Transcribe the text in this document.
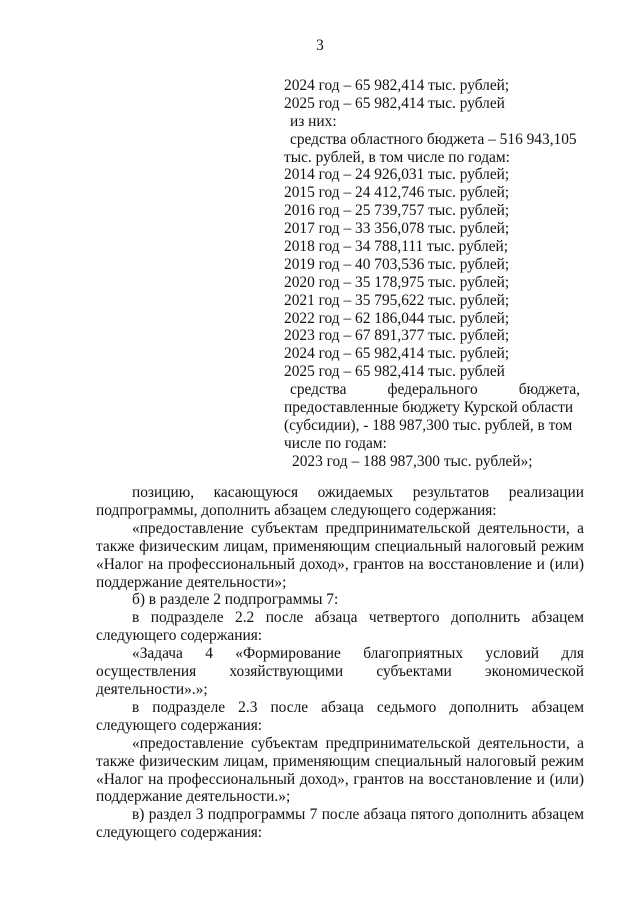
3
2024 год – 65 982,414 тыс. рублей;
2025 год – 65 982,414 тыс. рублей
из них:
средства областного бюджета – 516 943,105
тыс. рублей, в том числе по годам:
2014 год – 24 926,031 тыс. рублей;
2015 год – 24 412,746 тыс. рублей;
2016 год – 25 739,757 тыс. рублей;
2017 год – 33 356,078 тыс. рублей;
2018 год – 34 788,111 тыс. рублей;
2019 год – 40 703,536 тыс. рублей;
2020 год – 35 178,975 тыс. рублей;
2021 год – 35 795,622 тыс. рублей;
2022 год – 62 186,044 тыс. рублей;
2023 год – 67 891,377 тыс. рублей;
2024 год – 65 982,414 тыс. рублей;
2025 год – 65 982,414 тыс. рублей
средства федерального бюджета,
предоставленные бюджету Курской области
(субсидии), - 188 987,300 тыс. рублей, в том
числе по годам:
2023 год – 188 987,300 тыс. рублей»;

позицию, касающуюся ожидаемых результатов реализации подпрограммы, дополнить абзацем следующего содержания:

«предоставление субъектам предпринимательской деятельности, а также физическим лицам, применяющим специальный налоговый режим «Налог на профессиональный доход», грантов на восстановление и (или) поддержание деятельности»;

б) в разделе 2 подпрограммы 7:

в подразделе 2.2 после абзаца четвертого дополнить абзацем следующего содержания:

«Задача 4 «Формирование благоприятных условий для осуществления хозяйствующими субъектами экономической деятельности».»;

в подразделе 2.3 после абзаца седьмого дополнить абзацем следующего содержания:

«предоставление субъектам предпринимательской деятельности, а также физическим лицам, применяющим специальный налоговый режим «Налог на профессиональный доход», грантов на восстановление и (или) поддержание деятельности.»;

в) раздел 3 подпрограммы 7 после абзаца пятого дополнить абзацем следующего содержания:
